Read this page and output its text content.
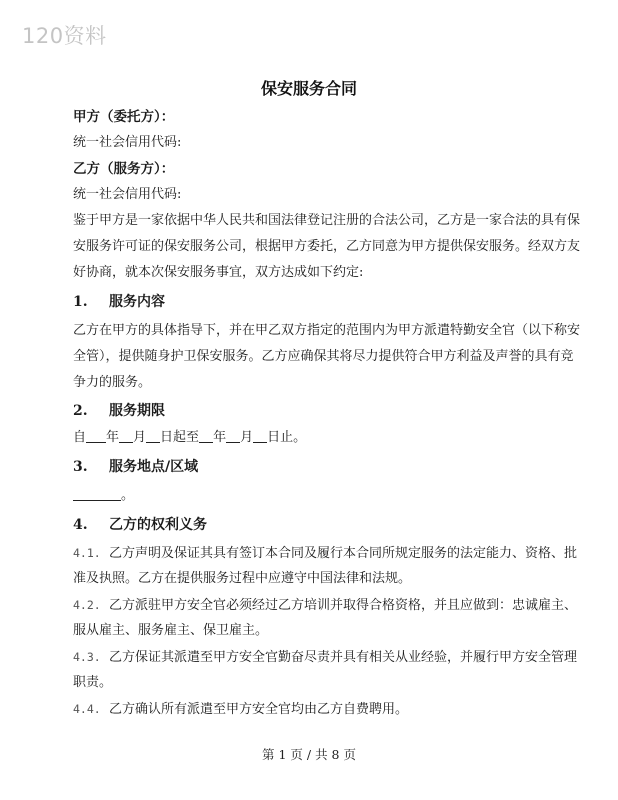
120资料
保安服务合同
甲方（委托方）：
统一社会信用代码:
乙方（服务方）：
统一社会信用代码:
鉴于甲方是一家依据中华人民共和国法律登记注册的合法公司，乙方是一家合法的具有保
安服务许可证的保安服务公司，根据甲方委托，乙方同意为甲方提供保安服务。经双方友
好协商，就本次保安服务事宜，双方达成如下约定:
1. 服务内容
乙方在甲方的具体指导下，并在甲乙双方指定的范围内为甲方派遣特勤安全官（以下称安
全管），提供随身护卫保安服务。乙方应确保其将尽力提供符合甲方利益及声誉的具有竞
争力的服务。
2. 服务期限
自 年 月 日起至 年 月 日止。
3. 服务地点/区域
。
4. 乙方的权利义务
4.1. 乙方声明及保证其具有签订本合同及履行本合同所规定服务的法定能力、资格、批
准及执照。乙方在提供服务过程中应遵守中国法律和法规。
4.2. 乙方派驻甲方安全官必须经过乙方培训并取得合格资格，并且应做到：忠诚雇主、
服从雇主、服务雇主、保卫雇主。
4.3. 乙方保证其派遣至甲方安全官勤奋尽责并具有相关从业经验，并履行甲方安全管理
职责。
4.4. 乙方确认所有派遣至甲方安全官均由乙方自费聘用。
第 1 页 / 共 8 页
